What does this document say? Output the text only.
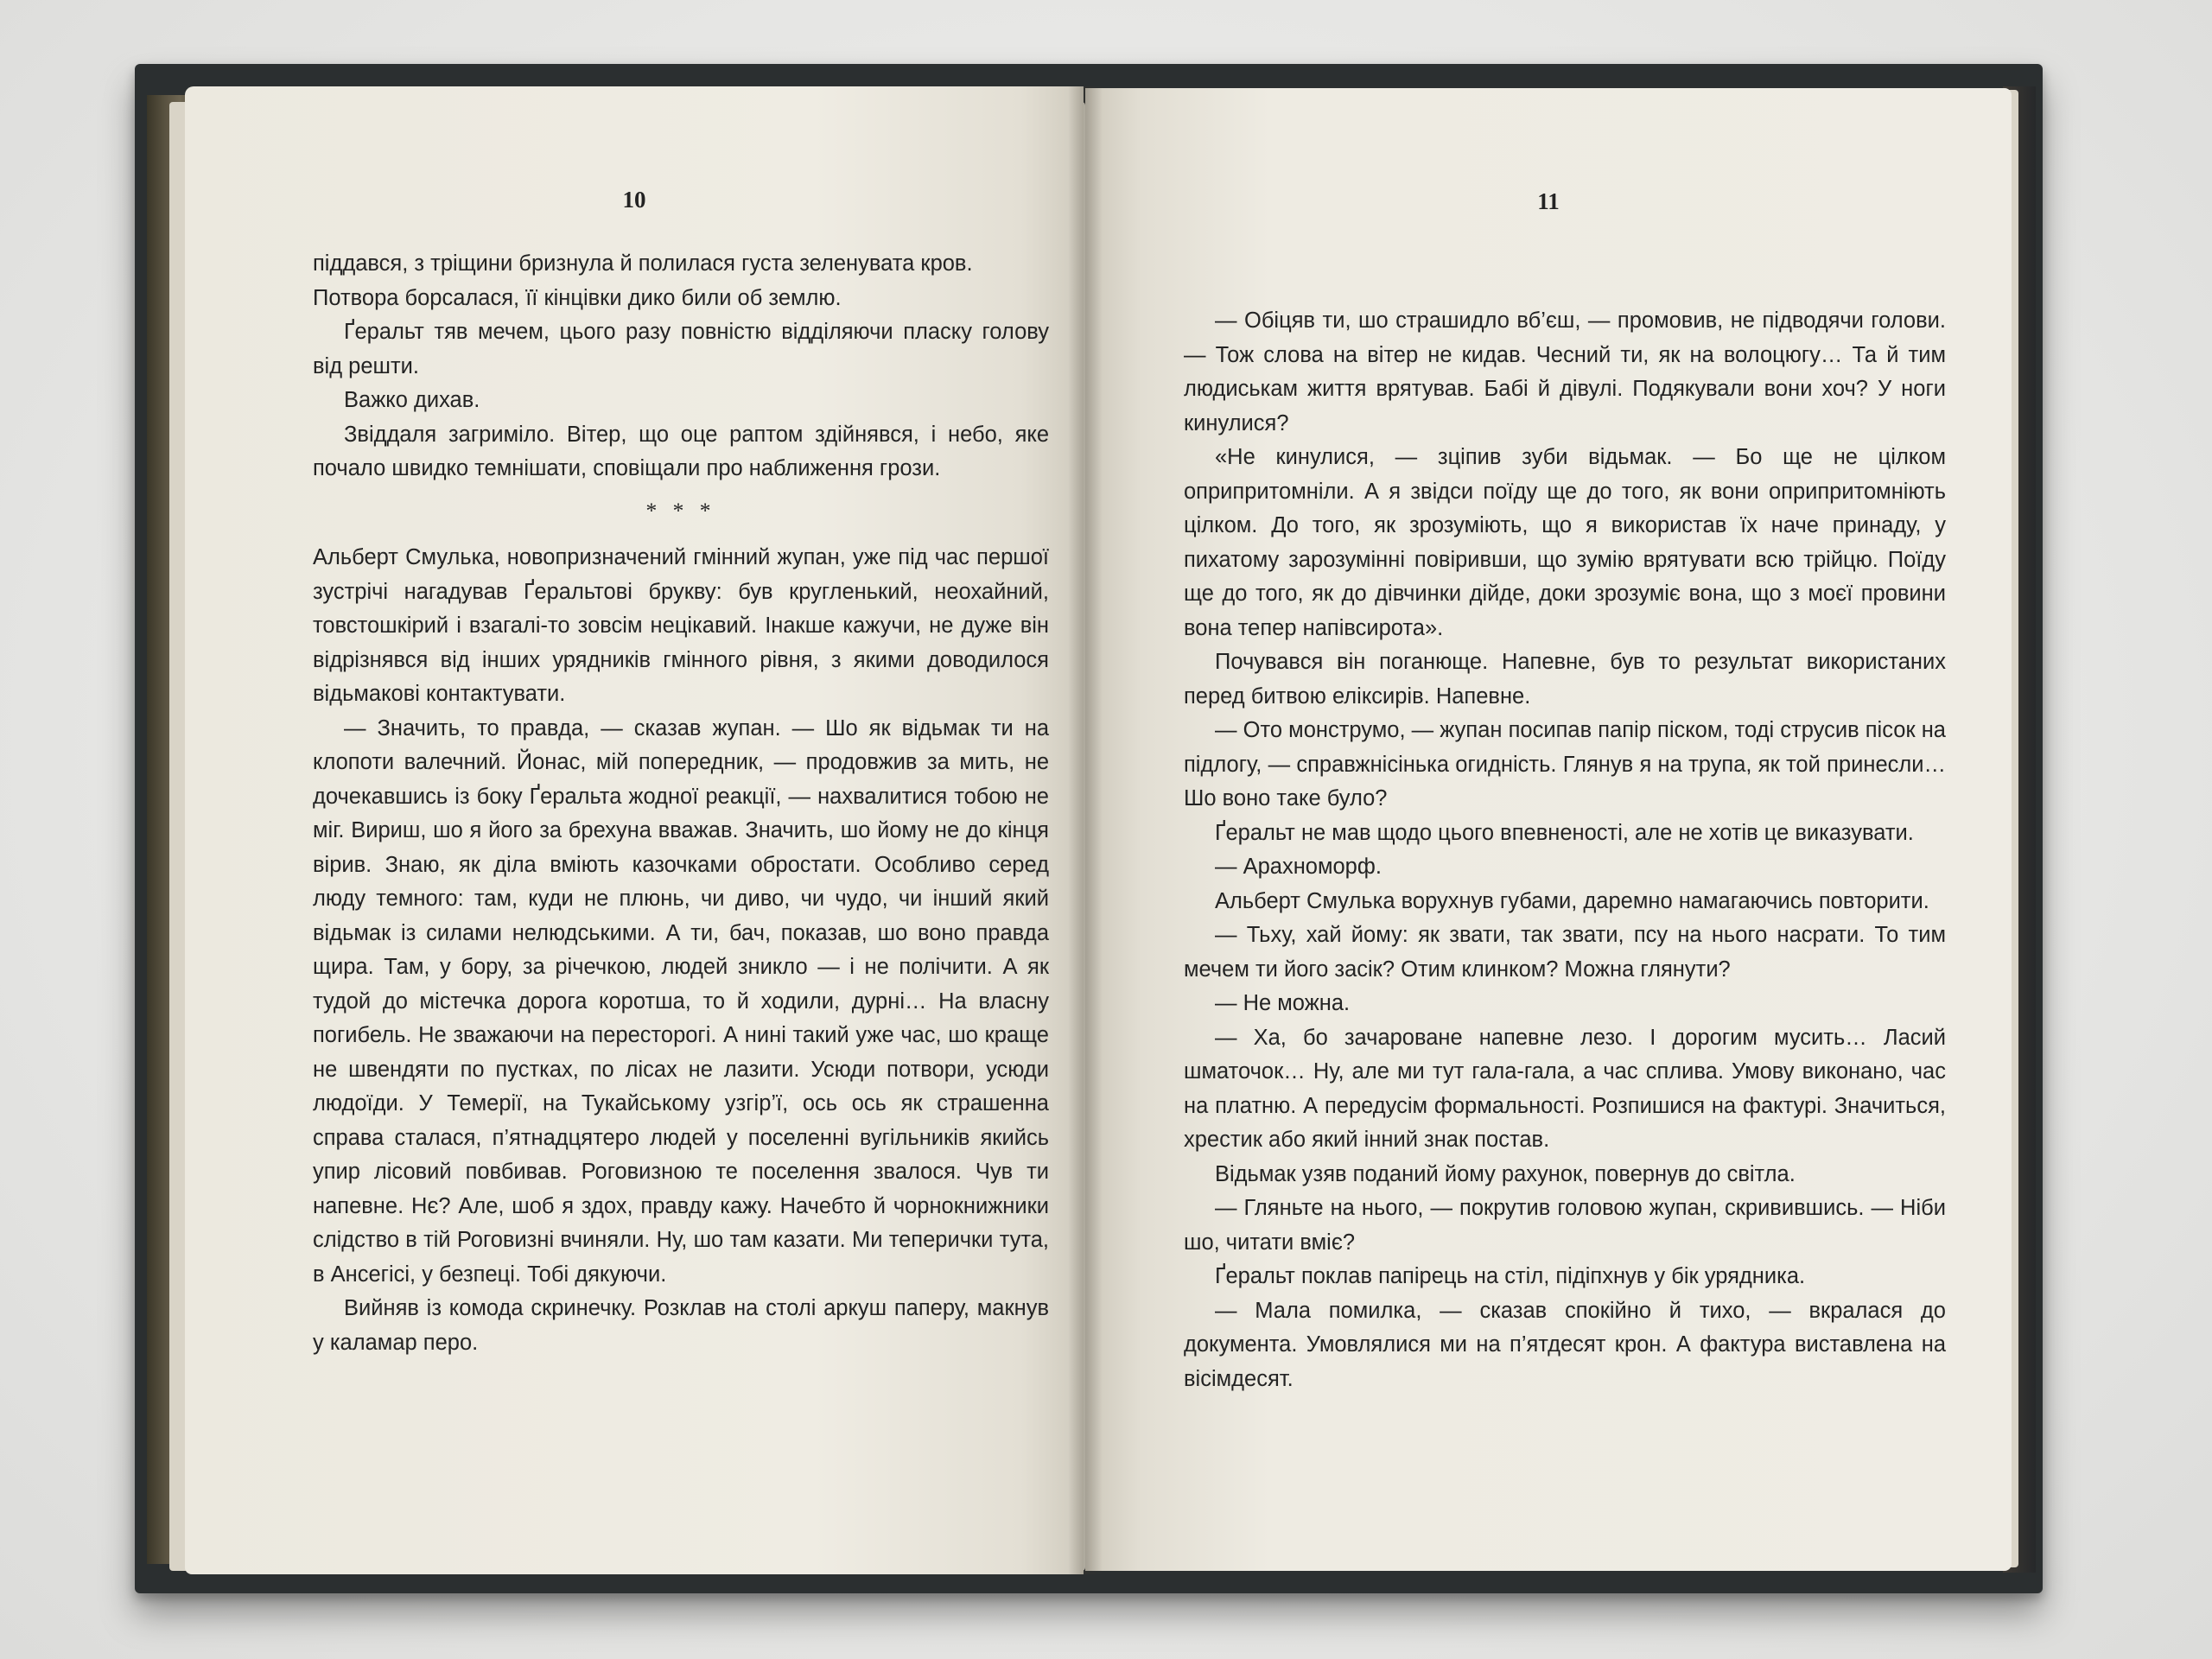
10

піддався, з тріщини бризнула й полилася густа зеленувата кров.

Потвора борсалася, її кінцівки дико били об землю.

Ґеральт тяв мечем, цього разу повністю відділяючи пласку голову від решти.

Важко дихав.

Звіддаля загриміло. Вітер, що оце раптом здійнявся, і небо, яке почало швидко темнішати, сповіщали про наближення грози.

* * *

Альберт Смулька, новопризначений гмінний жупан, уже під час першої зустрічі нагадував Ґеральтові брукву: був кругленький, неохайний, товстошкірий і взагалі-то зовсім нецікавий. Інакше кажучи, не дуже він відрізнявся від інших урядників гмінного рівня, з якими доводилося відьмакові контактувати.

— Значить, то правда, — сказав жупан. — Шо як відьмак ти на клопоти валечний. Йонас, мій попередник, — продовжив за мить, не дочекавшись із боку Ґеральта жодної реакції, — нахвалитися тобою не міг. Вириш, шо я його за брехуна вважав. Значить, шо йому не до кінця вірив. Знаю, як діла вміють казочками обростати. Особливо серед люду темного: там, куди не плюнь, чи диво, чи чудо, чи інший який відьмак із силами нелюдськими. А ти, бач, показав, шо воно правда щира. Там, у бору, за річечкою, людей зникло — і не полічити. А як тудой до містечка дорога коротша, то й ходили, дурні… На власну погибель. Не зважаючи на пересторогі. А нині такий уже час, шо краще не швендяти по пустках, по лісах не лазити. Усюди потвори, усюди людоїди. У Темерії, на Тукайському узгір’ї, ось ось як страшенна справа сталася, п’ятнадцятеро людей у поселенні вугільників якийсь упир лісовий повбивав. Роговизною те поселення звалося. Чув ти напевне. Нє? Але, шоб я здох, правду кажу. Начебто й чорнокнижники слідство в тій Роговизні вчиняли. Ну, шо там казати. Ми теперички тута, в Ансегісі, у безпеці. Тобі дякуючи.

Вийняв із комода скринечку. Розклав на столі аркуш паперу, макнув у каламар перо.

11

— Обіцяв ти, шо страшидло вб’єш, — промовив, не підводячи голови. — Тож слова на вітер не кидав. Чесний ти, як на волоцюгу… Та й тим людиськам життя врятував. Бабі й дівулі. Подякували вони хоч? У ноги кинулися?

«Не кинулися, — зціпив зуби відьмак. — Бо ще не цілком оприпритомніли. А я звідси поїду ще до того, як вони оприпритомніють цілком. До того, як зрозуміють, що я використав їх наче принаду, у пихатому зарозумінні повіривши, що зумію врятувати всю трійцю. Поїду ще до того, як до дівчинки дійде, доки зрозуміє вона, що з моєї провини вона тепер напівсирота».

Почувався він поганюще. Напевне, був то результат використаних перед битвою еліксирів. Напевне.

— Ото монструмо, — жупан посипав папір піском, тоді струсив пісок на підлогу, — справжнісінька огидність. Глянув я на трупа, як той принесли… Шо воно таке було?

Ґеральт не мав щодо цього впевненості, але не хотів це виказувати.

— Арахноморф.

Альберт Смулька ворухнув губами, даремно намагаючись повторити.

— Тьху, хай йому: як звати, так звати, псу на нього насрати. То тим мечем ти його засік? Отим клинком? Можна глянути?

— Не можна.

— Ха, бо зачароване напевне лезо. І дорогим мусить… Ласий шматочок… Ну, але ми тут гала-гала, а час сплива. Умову виконано, час на платню. А передусім формальності. Розпишися на фактурі. Значиться, хрестик або який інний знак постав.

Відьмак узяв поданий йому рахунок, повернув до світла.

— Гляньте на нього, — покрутив головою жупан, скривившись. — Ніби шо, читати вміє?

Ґеральт поклав папірець на стіл, підіпхнув у бік урядника.

— Мала помилка, — сказав спокійно й тихо, — вкралася до документа. Умовлялися ми на п’ятдесят крон. А фактура виставлена на вісімдесят.
